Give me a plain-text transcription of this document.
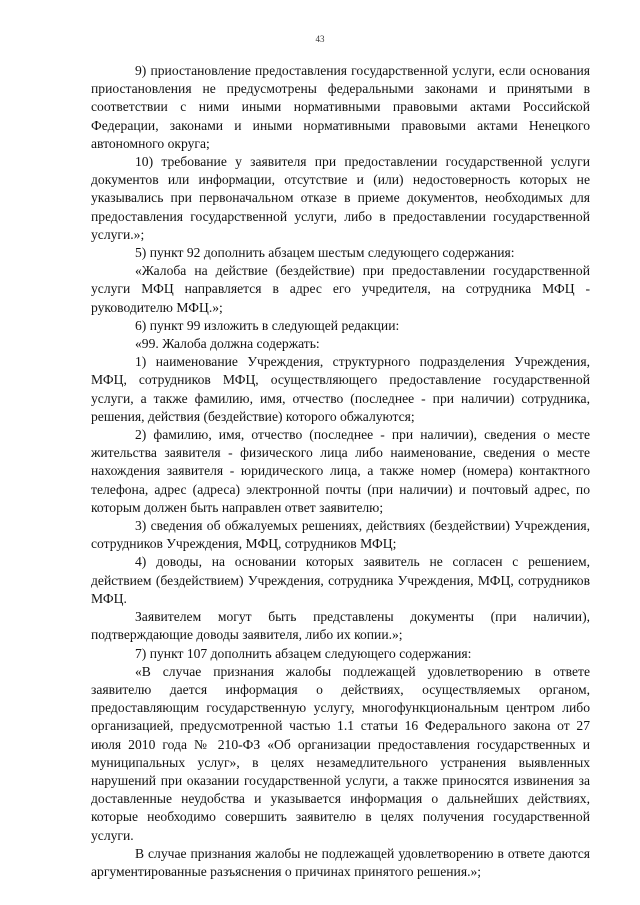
43

9) приостановление предоставления государственной услуги, если основания приостановления не предусмотрены федеральными законами и принятыми в соответствии с ними иными нормативными правовыми актами Российской Федерации, законами и иными нормативными правовыми актами Ненецкого автономного округа;

10) требование у заявителя при предоставлении государственной услуги документов или информации, отсутствие и (или) недостоверность которых не указывались при первоначальном отказе в приеме документов, необходимых для предоставления государственной услуги, либо в предоставлении государственной услуги.»;

5) пункт 92 дополнить абзацем шестым следующего содержания:

«Жалоба на действие (бездействие) при предоставлении государственной услуги МФЦ направляется в адрес его учредителя, на сотрудника МФЦ - руководителю МФЦ.»;

6) пункт 99 изложить в следующей редакции:

«99. Жалоба должна содержать:

1) наименование Учреждения, структурного подразделения Учреждения, МФЦ, сотрудников МФЦ, осуществляющего предоставление государственной услуги, а также фамилию, имя, отчество (последнее - при наличии) сотрудника, решения, действия (бездействие) которого обжалуются;

2) фамилию, имя, отчество (последнее - при наличии), сведения о месте жительства заявителя - физического лица либо наименование, сведения о месте нахождения заявителя - юридического лица, а также номер (номера) контактного телефона, адрес (адреса) электронной почты (при наличии) и почтовый адрес, по которым должен быть направлен ответ заявителю;

3) сведения об обжалуемых решениях, действиях (бездействии) Учреждения, сотрудников Учреждения, МФЦ, сотрудников МФЦ;

4) доводы, на основании которых заявитель не согласен с решением, действием (бездействием) Учреждения, сотрудника Учреждения, МФЦ, сотрудников МФЦ.

Заявителем могут быть представлены документы (при наличии), подтверждающие доводы заявителя, либо их копии.»;

7) пункт 107 дополнить абзацем следующего содержания:

«В случае признания жалобы подлежащей удовлетворению в ответе заявителю дается информация о действиях, осуществляемых органом, предоставляющим государственную услугу, многофункциональным центром либо организацией, предусмотренной частью 1.1 статьи 16 Федерального закона от 27 июля 2010 года № 210-ФЗ «Об организации предоставления государственных и муниципальных услуг», в целях незамедлительного устранения выявленных нарушений при оказании государственной услуги, а также приносятся извинения за доставленные неудобства и указывается информация о дальнейших действиях, которые необходимо совершить заявителю в целях получения государственной услуги.

В случае признания жалобы не подлежащей удовлетворению в ответе даются аргументированные разъяснения о причинах принятого решения.»;
